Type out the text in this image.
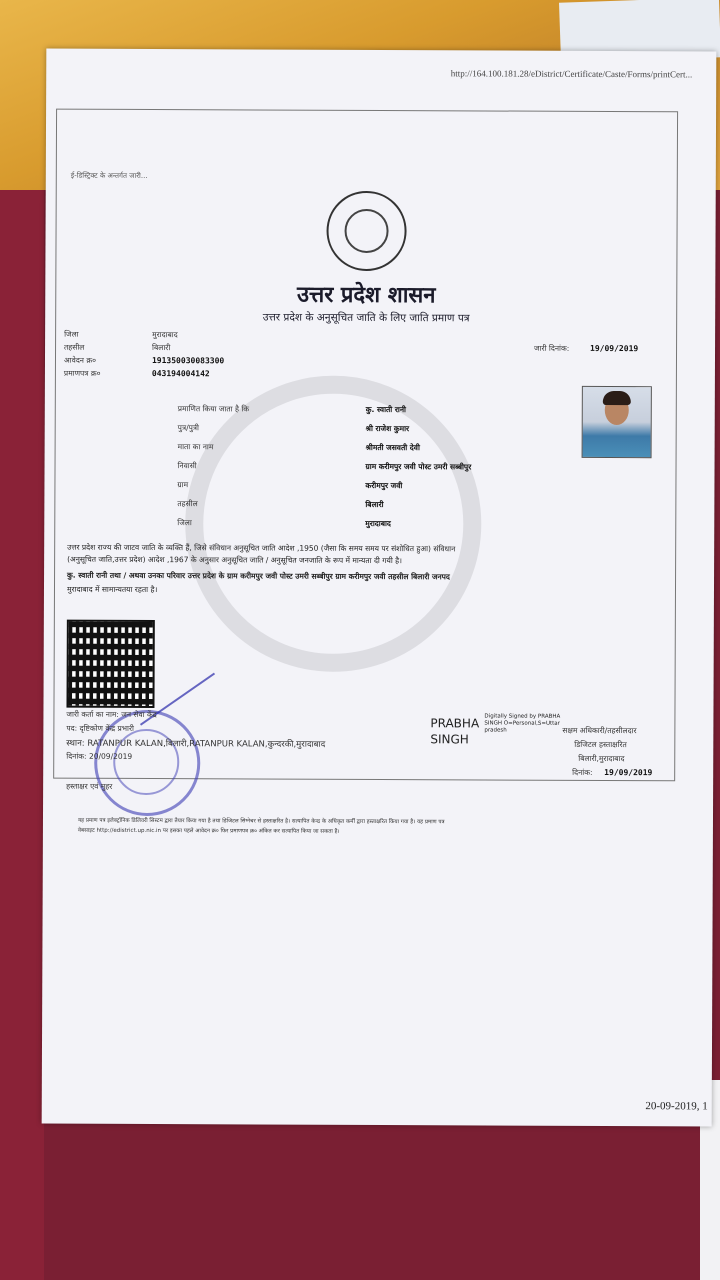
http://164.100.181.28/eDistrict/Certificate/Caste/Forms/printCert...
ई-डिस्ट्रिक्ट के अन्तर्गत जारी...
उत्तर प्रदेश शासन
उत्तर प्रदेश के अनुसूचित जाति के लिए जाति प्रमाण पत्र
जिला	मुरादाबाद
तहसील	बिलारी
आवेदन क्र०	191350030083300
प्रमाणपत्र क्र०	043194004142
जारी दिनांक:	19/09/2019
प्रमाणित किया जाता है कि	कु. स्वाती रानी
पुत्र/पुत्री	श्री राजेश कुमार
माता का नाम	श्रीमती जसवती देवी
निवासी	ग्राम करीमपुर जवी पोस्ट उमरी सब्बीपुर
ग्राम	करीमपुर जवी
तहसील	बिलारी
जिला	मुरादाबाद
उत्तर प्रदेश राज्य की जाटव जाति के व्यक्ति हैं, जिसे संविधान अनुसूचित जाति आदेश ,1950 (जैसा कि समय समय पर संशोधित हुआ) संविधान
(अनुसूचित जाति,उत्तर प्रदेश) आदेश ,1967 के अनुसार अनुसूचित जाति / अनुसूचित जनजाति के रूप में मान्यता दी गयी है।
कु. स्वाती रानी तथा / अथवा उनका परिवार उत्तर प्रदेश के ग्राम करीमपुर जवी पोस्ट उमरी सब्बीपुर ग्राम करीमपुर जवी तहसील बिलारी जनपद
मुरादाबाद में सामान्यतया रहता है।
जारी कर्ता का नाम: जन सेवा केंद्र
पद: दृष्टिकोण केंद्र प्रभारी
स्थान: RATANPUR KALAN,बिलारी,RATANPUR KALAN,कुन्दरकी,मुरादाबाद
दिनांक: 20/09/2019
हस्ताक्षर एवं मुहर
PRABHA
SINGH
Digitally Signed by PRABHA SINGH O=Personal,S=Uttar pradesh	सक्षम अधिकारी/तहसीलदार
डिजिटल हस्ताक्षरित
बिलारी,मुरादाबाद
दिनांक: 19/09/2019
यह प्रमाण पत्र इलेक्ट्रॉनिक डिलिवरी सिस्टम द्वारा तैयार किया गया है तथा डिजिटल सिग्नेचर से हस्ताक्षरित है। सत्यापित केन्द्र के अधिकृत कर्मी द्वारा हस्ताक्षरित किया गया है। यह प्रमाण पत्र
वेबसाइट http://edistrict.up.nic.in पर इसका पहले आवेदन क्र० फिर प्रमाणपत्र क्र० अंकित कर सत्यापित किया जा सकता है।
20-09-2019, 1
